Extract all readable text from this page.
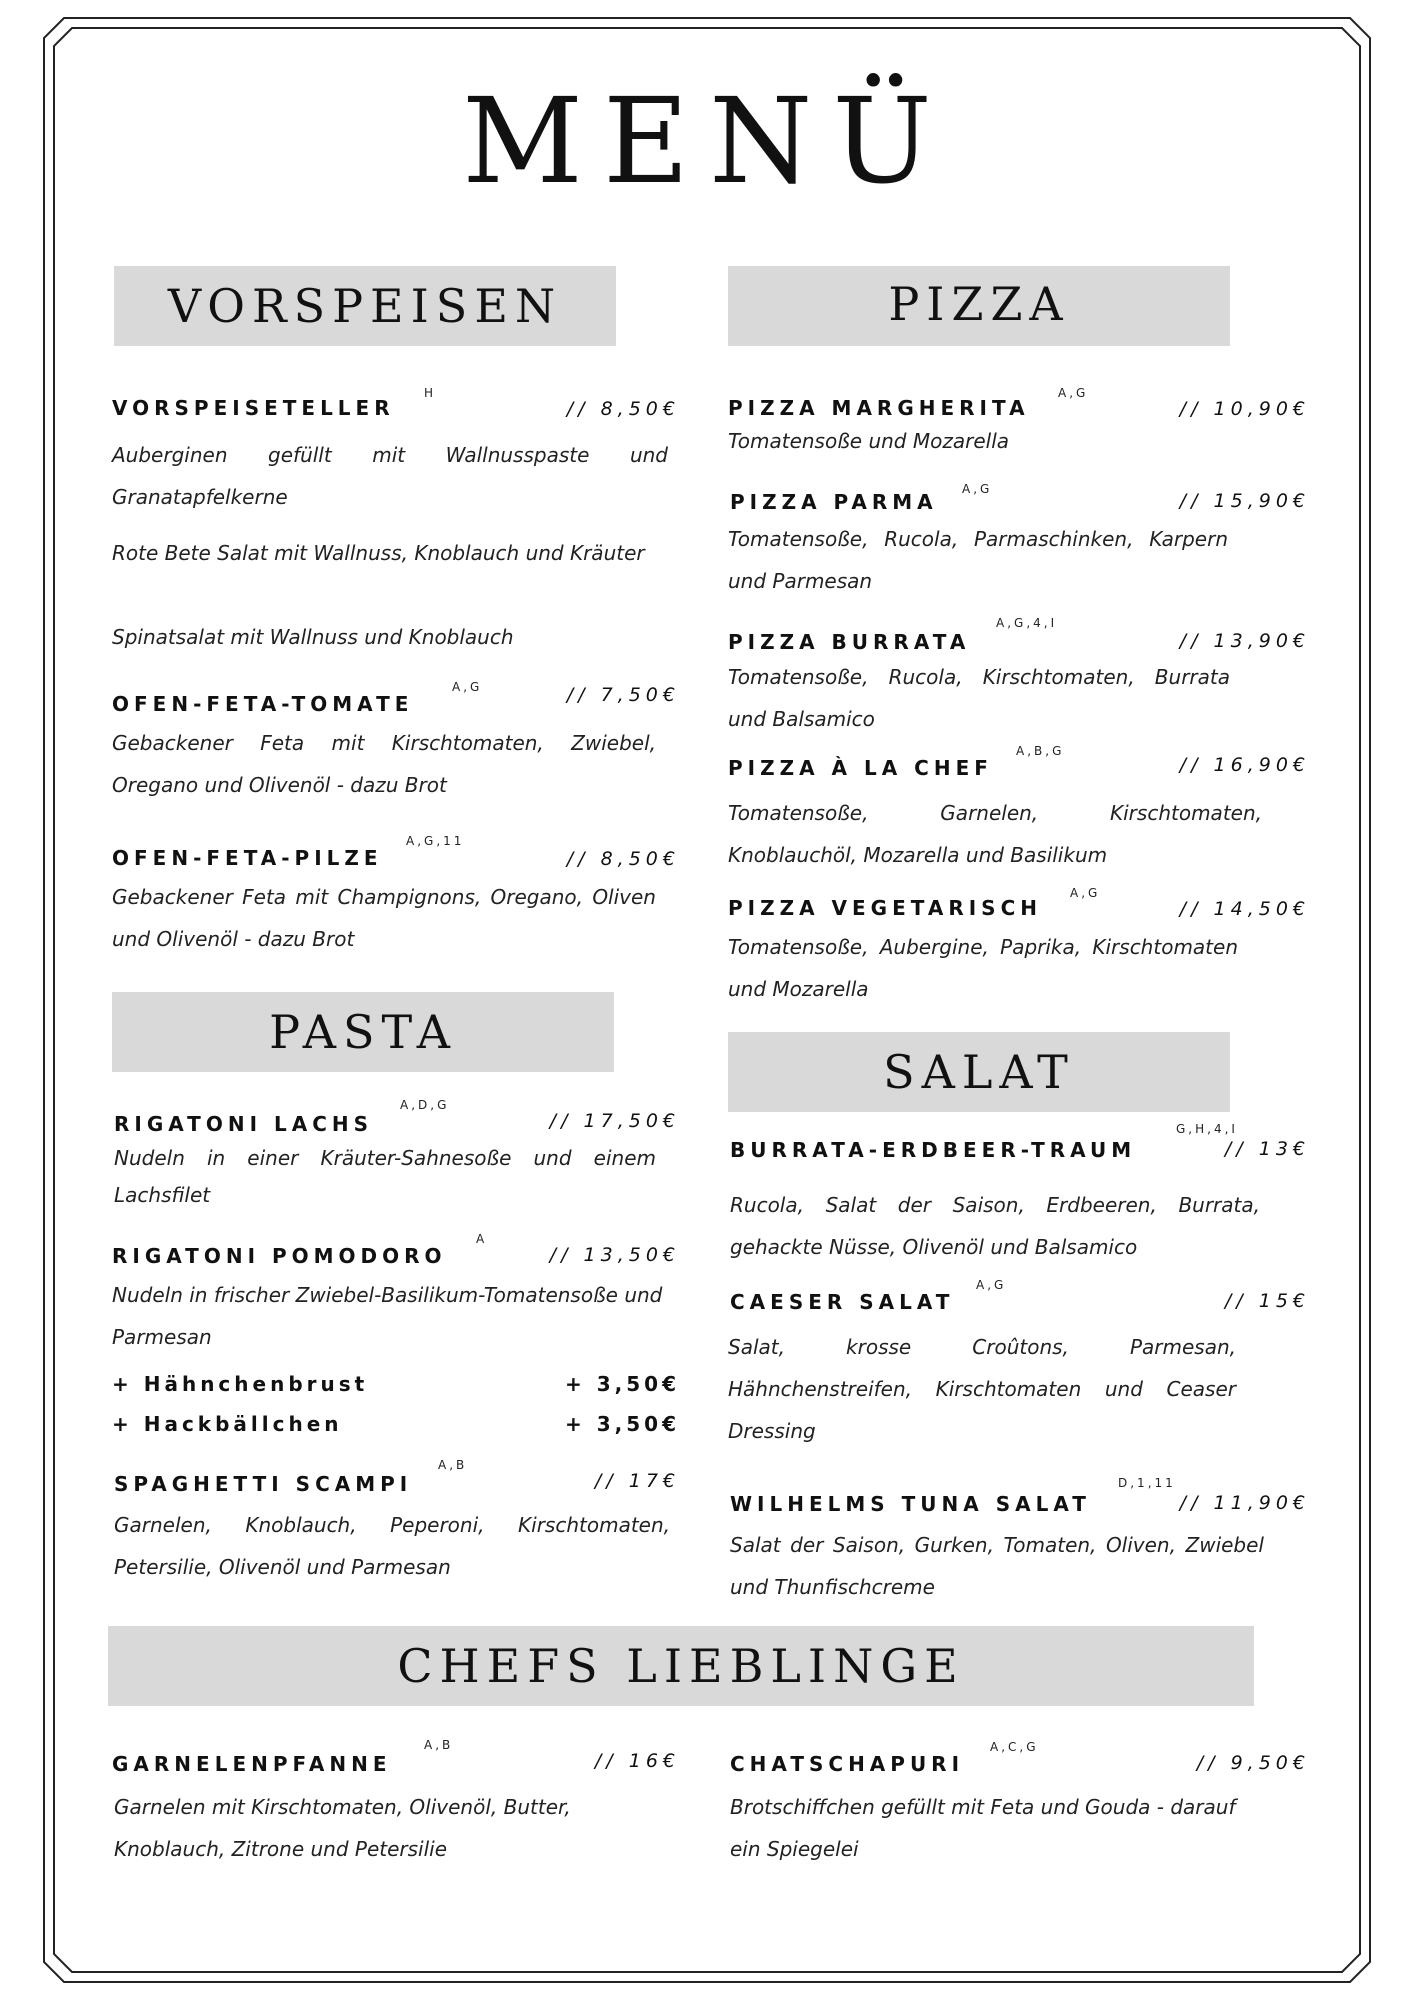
MENÜ
VORSPEISEN	PIZZA
PASTA
SALAT
CHEFS LIEBLINGE
VORSPEISETELLER
H
// 8,50€
Auberginen gefüllt mit Wallnusspaste und
Granatapfelkerne
Rote Bete Salat mit Wallnuss, Knoblauch und Kräuter
Spinatsalat mit Wallnuss und Knoblauch
OFEN-FETA-TOMATE
A,G	// 7,50€
Gebackener Feta mit Kirschtomaten, Zwiebel, Oregano und Olivenöl - dazu Brot
OFEN-FETA-PILZE
A,G,11
// 8,50€
Gebackener Feta mit Champignons, Oregano, Oliven und Olivenöl - dazu Brot
RIGATONI LACHS
A,D,G
// 17,50€
Nudeln in einer Kräuter-Sahnesoße und einem Lachsfilet
RIGATONI POMODORO
A
// 13,50€
Nudeln in frischer Zwiebel-Basilikum-Tomatensoße und Parmesan
+ Hähnchenbrust	+ 3,50€
+ Hackbällchen	+ 3,50€
SPAGHETTI SCAMPI
A,B
// 17€
Garnelen, Knoblauch, Peperoni, Kirschtomaten, Petersilie, Olivenöl und Parmesan
PIZZA MARGHERITA
A,G
// 10,90€
Tomatensoße und Mozarella
PIZZA PARMA
A,G
// 15,90€
Tomatensoße, Rucola, Parmaschinken, Karpern und Parmesan
PIZZA BURRATA
A,G,4,I
// 13,90€
Tomatensoße, Rucola, Kirschtomaten, Burrata und Balsamico
PIZZA À LA CHEF
A,B,G
// 16,90€
Tomatensoße, Garnelen, Kirschtomaten, Knoblauchöl, Mozarella und Basilikum
PIZZA VEGETARISCH
A,G
// 14,50€
Tomatensoße, Aubergine, Paprika, Kirschtomaten und Mozarella
BURRATA-ERDBEER-TRAUM
G,H,4,I
// 13€
Rucola, Salat der Saison, Erdbeeren, Burrata, gehackte Nüsse, Olivenöl und Balsamico
CAESER SALAT
A,G
// 15€
Salat, krosse Croûtons, Parmesan, Hähnchenstreifen, Kirschtomaten und Ceaser Dressing
WILHELMS TUNA SALAT
D,1,11
// 11,90€
Salat der Saison, Gurken, Tomaten, Oliven, Zwiebel und Thunfischcreme
GARNELENPFANNE
A,B
// 16€
Garnelen mit Kirschtomaten, Olivenöl, Butter, Knoblauch, Zitrone und Petersilie
CHATSCHAPURI
A,C,G
// 9,50€
Brotschiffchen gefüllt mit Feta und Gouda - darauf ein Spiegelei
